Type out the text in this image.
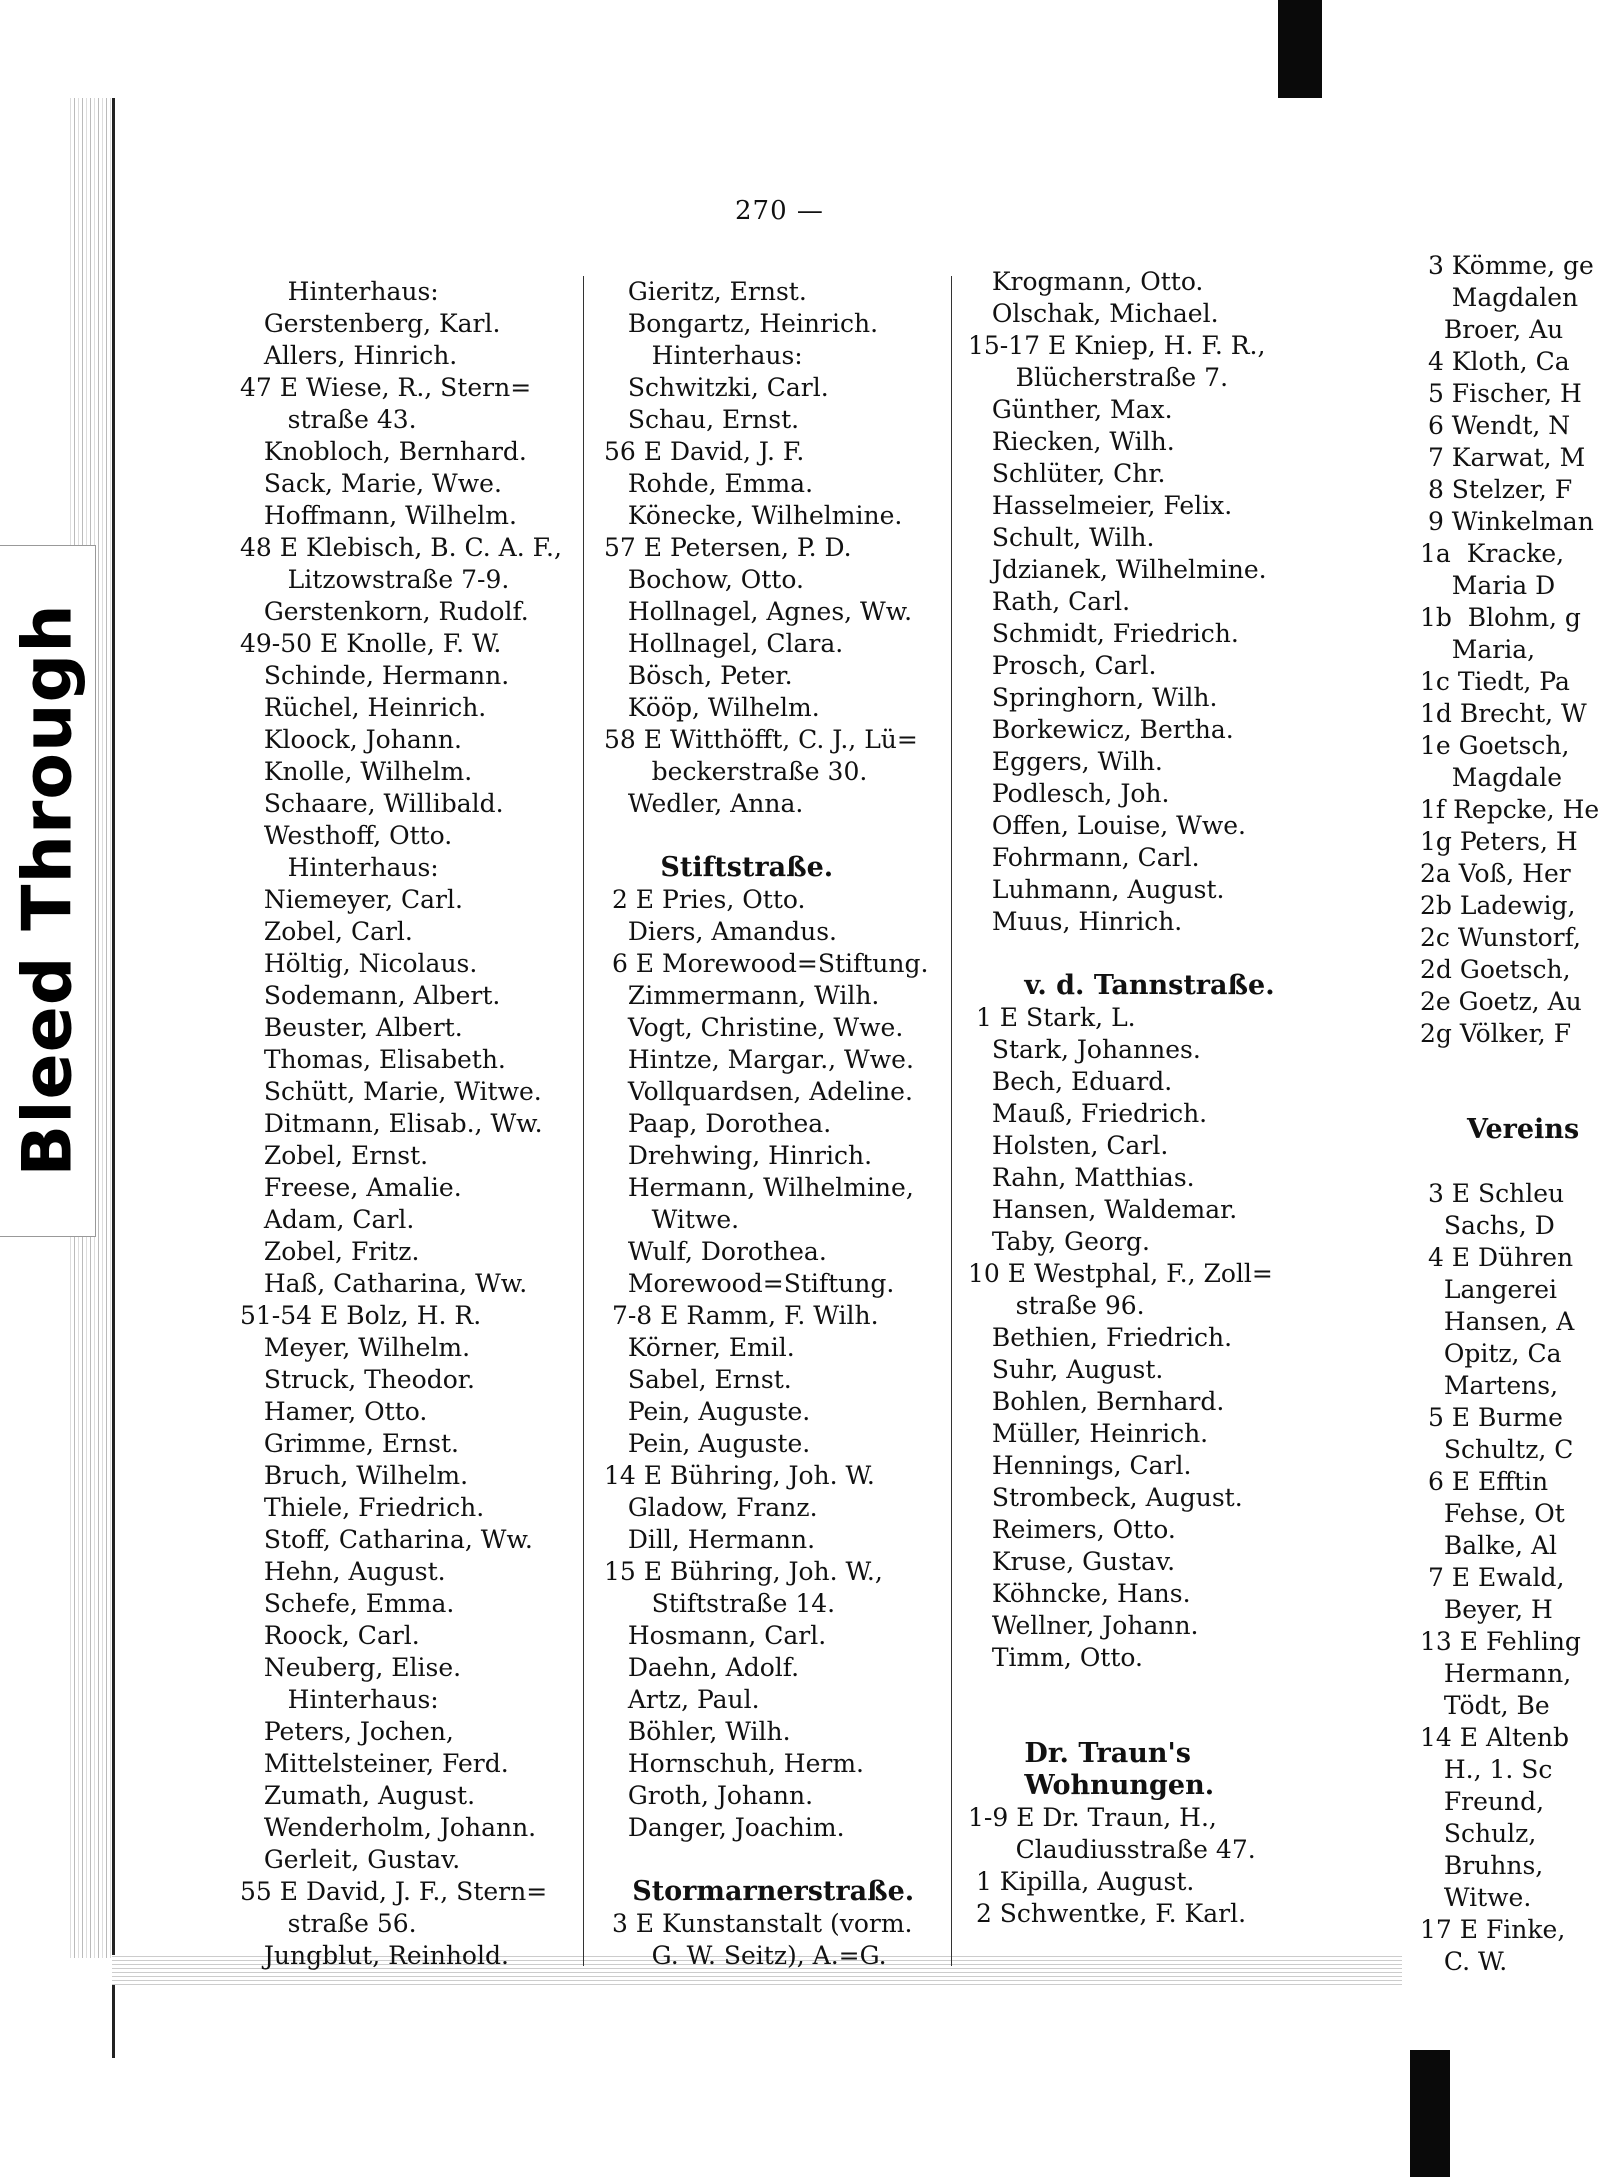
Bleed Through
270 —
Hinterhaus:
Gerstenberg, Karl.
Allers, Hinrich.
47 E Wiese, R., Stern=
straße 43.
Knobloch, Bernhard.
Sack, Marie, Wwe.
Hoffmann, Wilhelm.
48 E Klebisch, B. C. A. F.,
Litzowstraße 7-9.
Gerstenkorn, Rudolf.
49-50 E Knolle, F. W.
Schinde, Hermann.
Rüchel, Heinrich.
Kloock, Johann.
Knolle, Wilhelm.
Schaare, Willibald.
Westhoff, Otto.
Hinterhaus:
Niemeyer, Carl.
Zobel, Carl.
Höltig, Nicolaus.
Sodemann, Albert.
Beuster, Albert.
Thomas, Elisabeth.
Schütt, Marie, Witwe.
Ditmann, Elisab., Ww.
Zobel, Ernst.
Freese, Amalie.
Adam, Carl.
Zobel, Fritz.
Haß, Catharina, Ww.
51-54 E Bolz, H. R.
Meyer, Wilhelm.
Struck, Theodor.
Hamer, Otto.
Grimme, Ernst.
Bruch, Wilhelm.
Thiele, Friedrich.
Stoff, Catharina, Ww.
Hehn, August.
Schefe, Emma.
Roock, Carl.
Neuberg, Elise.
Hinterhaus:
Peters, Jochen,
Mittelsteiner, Ferd.
Zumath, August.
Wenderholm, Johann.
Gerleit, Gustav.
55 E David, J. F., Stern=
straße 56.
Jungblut, Reinhold.
Gieritz, Ernst.
Bongartz, Heinrich.
Hinterhaus:
Schwitzki, Carl.
Schau, Ernst.
56 E David, J. F.
Rohde, Emma.
Könecke, Wilhelmine.
57 E Petersen, P. D.
Bochow, Otto.
Hollnagel, Agnes, Ww.
Hollnagel, Clara.
Bösch, Peter.
Kööp, Wilhelm.
58 E Witthöfft, C. J., Lü=
beckerstraße 30.
Wedler, Anna.
Stiftstraße.
2 E Pries, Otto.
Diers, Amandus.
6 E Morewood=Stiftung.
Zimmermann, Wilh.
Vogt, Christine, Wwe.
Hintze, Margar., Wwe.
Vollquardsen, Adeline.
Paap, Dorothea.
Drehwing, Hinrich.
Hermann, Wilhelmine,
Witwe.
Wulf, Dorothea.
Morewood=Stiftung.
7-8 E Ramm, F. Wilh.
Körner, Emil.
Sabel, Ernst.
Pein, Auguste.
Pein, Auguste.
14 E Bühring, Joh. W.
Gladow, Franz.
Dill, Hermann.
15 E Bühring, Joh. W.,
Stiftstraße 14.
Hosmann, Carl.
Daehn, Adolf.
Artz, Paul.
Böhler, Wilh.
Hornschuh, Herm.
Groth, Johann.
Danger, Joachim.
Stormarnerstraße.
3 E Kunstanstalt (vorm.
G. W. Seitz), A.=G.
Krogmann, Otto.
Olschak, Michael.
15-17 E Kniep, H. F. R.,
Blücherstraße 7.
Günther, Max.
Riecken, Wilh.
Schlüter, Chr.
Hasselmeier, Felix.
Schult, Wilh.
Jdzianek, Wilhelmine.
Rath, Carl.
Schmidt, Friedrich.
Prosch, Carl.
Springhorn, Wilh.
Borkewicz, Bertha.
Eggers, Wilh.
Podlesch, Joh.
Offen, Louise, Wwe.
Fohrmann, Carl.
Luhmann, August.
Muus, Hinrich.
v. d. Tannstraße.
1 E Stark, L.
Stark, Johannes.
Bech, Eduard.
Mauß, Friedrich.
Holsten, Carl.
Rahn, Matthias.
Hansen, Waldemar.
Taby, Georg.
10 E Westphal, F., Zoll=
straße 96.
Bethien, Friedrich.
Suhr, August.
Bohlen, Bernhard.
Müller, Heinrich.
Hennings, Carl.
Strombeck, August.
Reimers, Otto.
Kruse, Gustav.
Köhncke, Hans.
Wellner, Johann.
Timm, Otto.
Dr. Traun's
Wohnungen.
1-9 E Dr. Traun, H.,
Claudiusstraße 47.
1 Kipilla, August.
2 Schwentke, F. Karl.
3 Kömme, ge
Magdalen
Broer, Au
4 Kloth, Ca
5 Fischer, H
6 Wendt, N
7 Karwat, M
8 Stelzer, F
9 Winkelman
1a  Kracke,
Maria D
1b  Blohm, g
Maria,
1c Tiedt, Pa
1d Brecht, W
1e Goetsch,
Magdale
1f Repcke, He
1g Peters, H
2a Voß, Her
2b Ladewig,
2c Wunstorf,
2d Goetsch,
2e Goetz, Au
2g Völker, F
Vereins
3 E Schleu
Sachs, D
4 E Dühren
Langerei
Hansen, A
Opitz, Ca
Martens,
5 E Burme
Schultz, C
6 E Efftin
Fehse, Ot
Balke, Al
7 E Ewald,
Beyer, H
13 E Fehling
Hermann,
Tödt, Be
14 E Altenb
H., 1. Sc
Freund,
Schulz,
Bruhns,
Witwe.
17 E Finke,
C. W.
